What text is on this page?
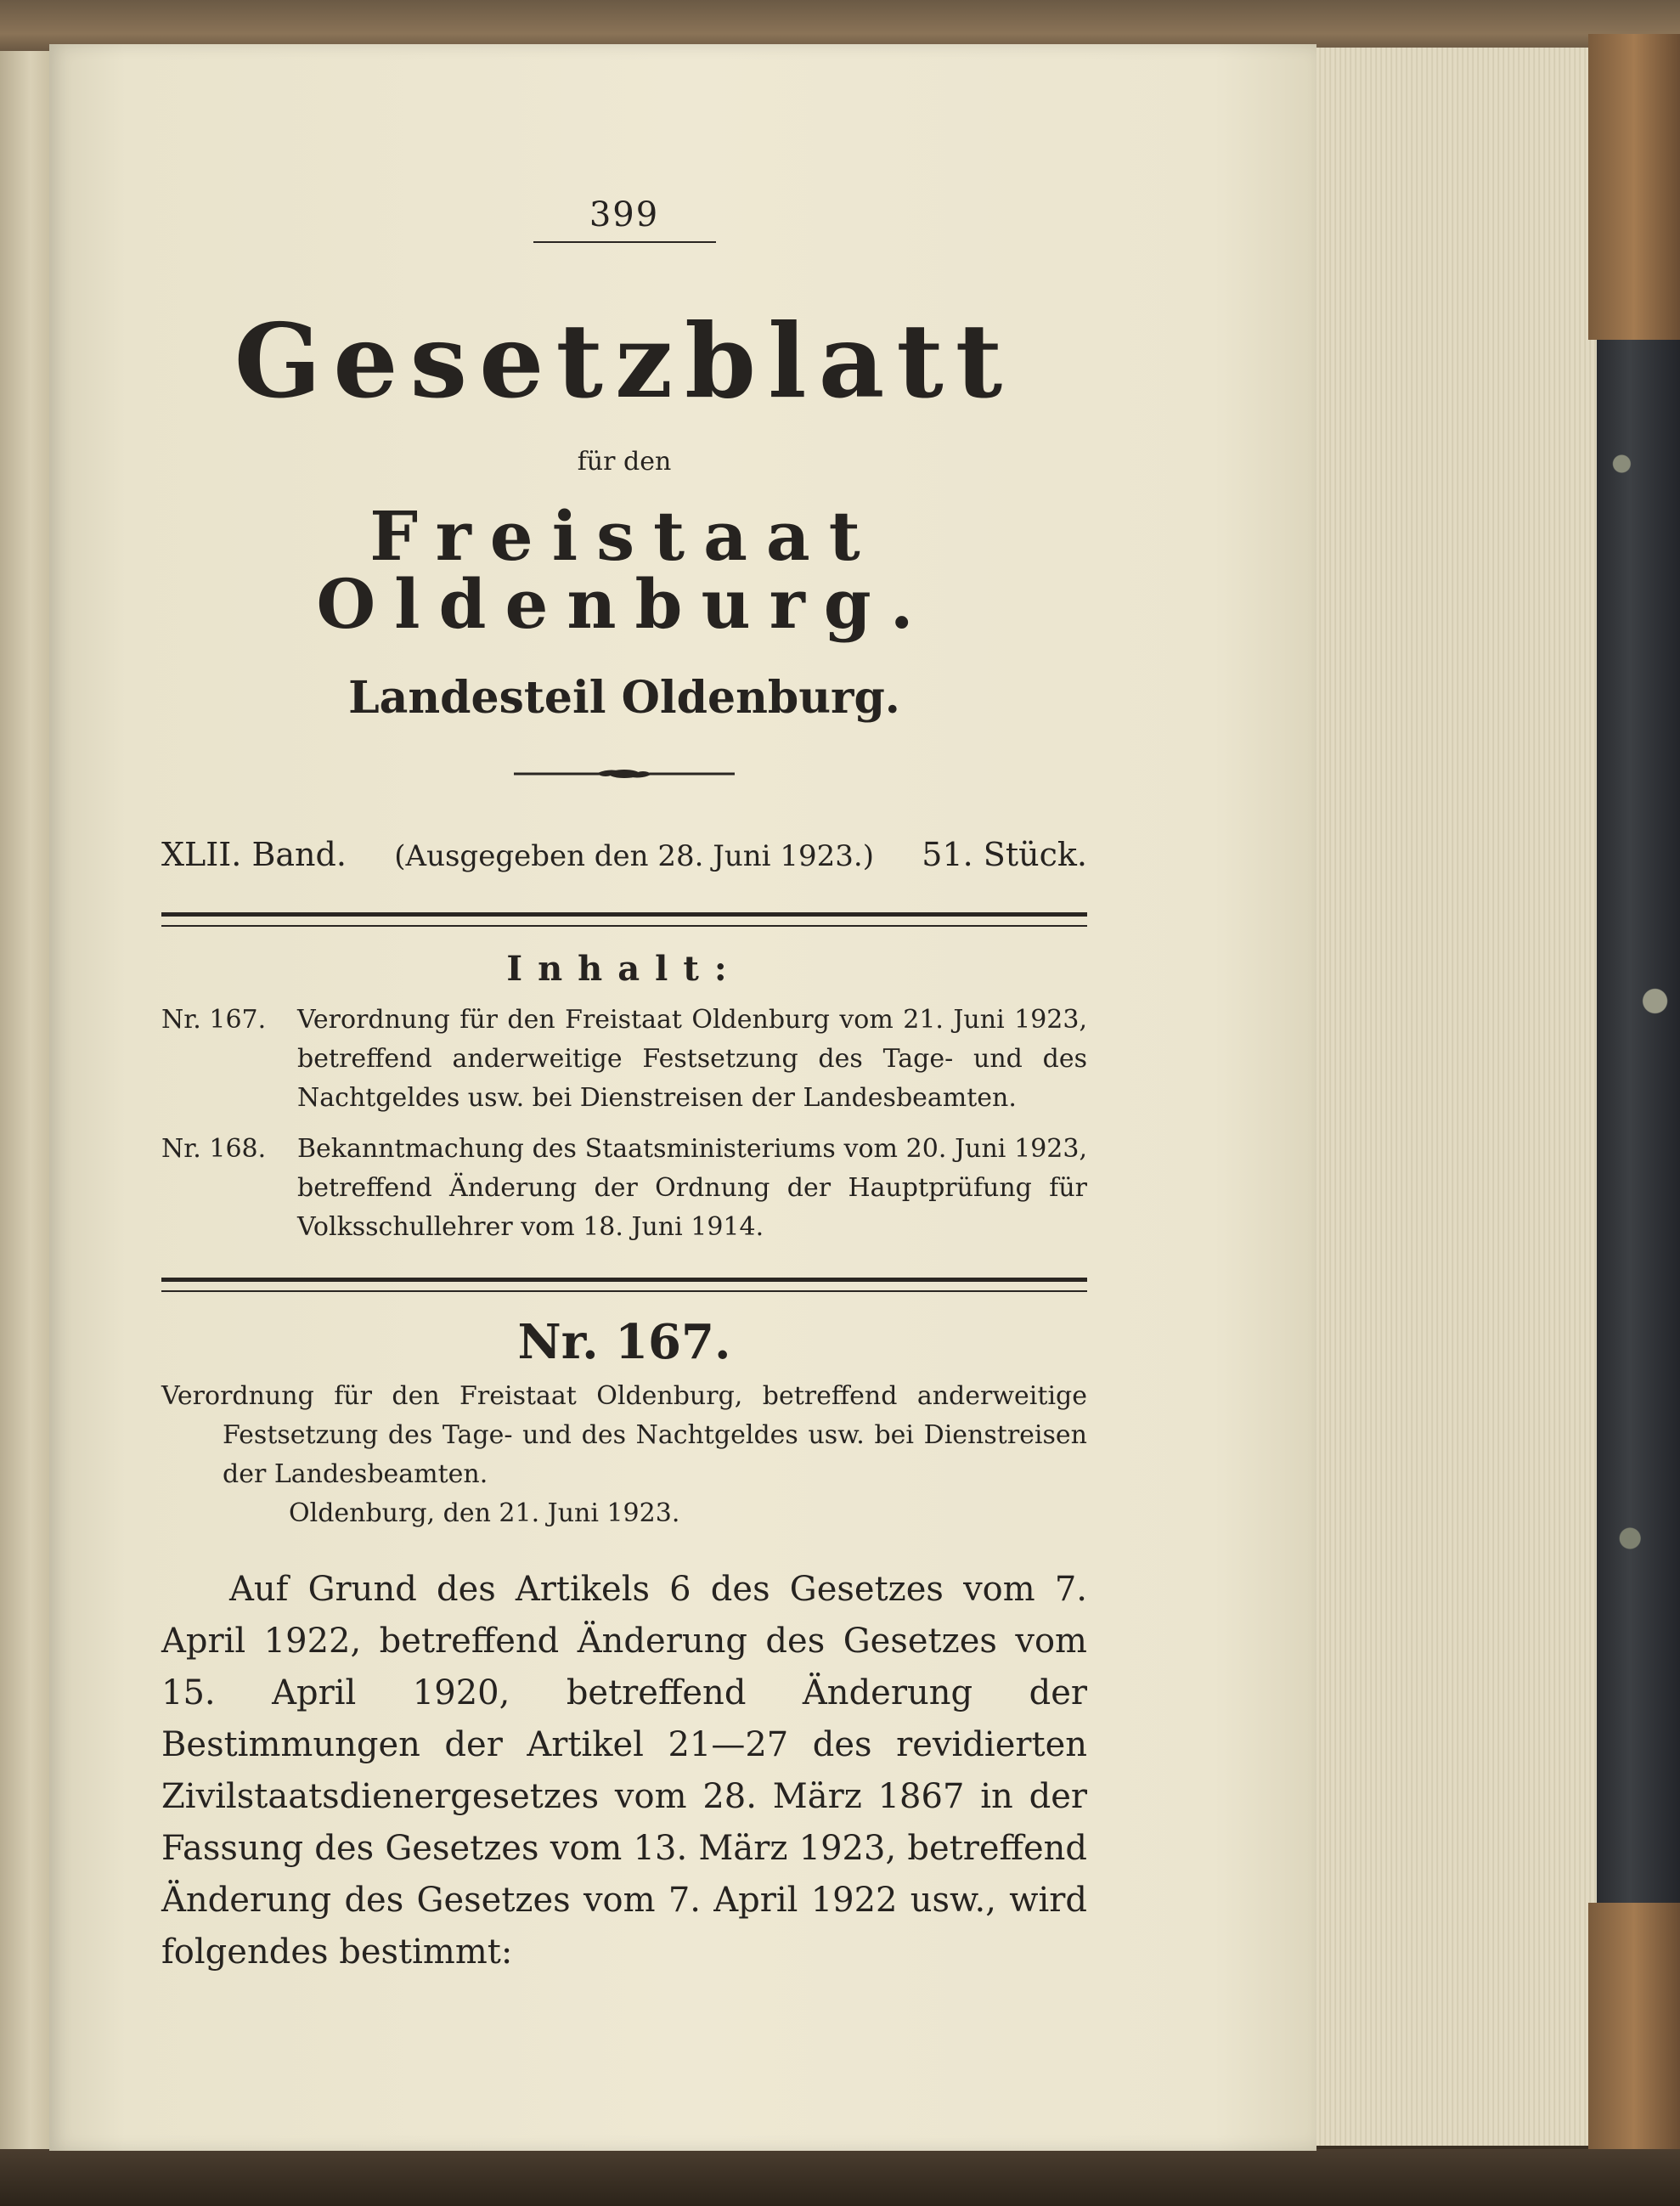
399
Gesetzblatt
für den
Freistaat Oldenburg.
Landesteil Oldenburg.
XLII. Band. (Ausgegeben den 28. Juni 1923.) 51. Stück.
Inhalt:
Nr. 167.	Verordnung für den Freistaat Oldenburg vom 21. Juni 1923, betreffend anderweitige Festsetzung des Tage- und des Nachtgeldes usw. bei Dienstreisen der Landesbeamten.
Nr. 168.	Bekanntmachung des Staatsministeriums vom 20. Juni 1923, betreffend Änderung der Ordnung der Hauptprüfung für Volksschullehrer vom 18. Juni 1914.
Nr. 167.
Verordnung für den Freistaat Oldenburg, betreffend anderweitige Festsetzung des Tage- und des Nachtgeldes usw. bei Dienstreisen der Landesbeamten.
Oldenburg, den 21. Juni 1923.
Auf Grund des Artikels 6 des Gesetzes vom 7. April 1922, betreffend Änderung des Gesetzes vom 15. April 1920, betreffend Änderung der Bestimmungen der Artikel 21—27 des revidierten Zivilstaatsdienergesetzes vom 28. März 1867 in der Fassung des Gesetzes vom 13. März 1923, betreffend Änderung des Gesetzes vom 7. April 1922 usw., wird folgendes bestimmt:
